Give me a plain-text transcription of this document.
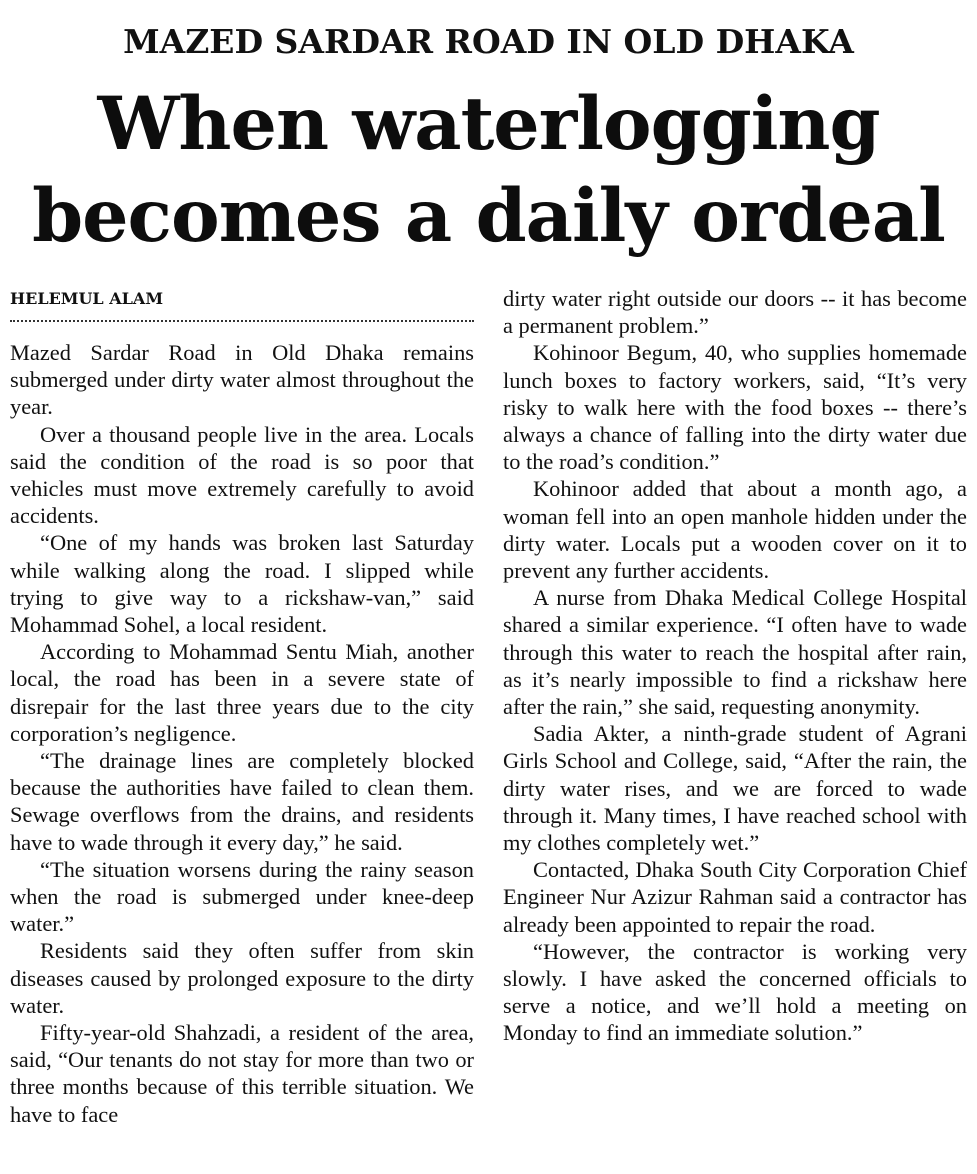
MAZED SARDAR ROAD IN OLD DHAKA
When waterlogging
becomes a daily ordeal
HELEMUL ALAM

Mazed Sardar Road in Old Dhaka remains submerged under dirty water almost throughout the year.

Over a thousand people live in the area. Locals said the condition of the road is so poor that vehicles must move extremely carefully to avoid accidents.

“One of my hands was broken last Saturday while walking along the road. I slipped while trying to give way to a rickshaw-van,” said Mohammad Sohel, a local resident.

According to Mohammad Sentu Miah, another local, the road has been in a severe state of disrepair for the last three years due to the city corporation’s negligence.

“The drainage lines are completely blocked because the authorities have failed to clean them. Sewage overflows from the drains, and residents have to wade through it every day,” he said.

“The situation worsens during the rainy season when the road is submerged under knee-deep water.”

Residents said they often suffer from skin diseases caused by prolonged exposure to the dirty water.

Fifty-year-old Shahzadi, a resident of the area, said, “Our tenants do not stay for more than two or three months because of this terrible situation. We have to face

dirty water right outside our doors -- it has become a permanent problem.”

Kohinoor Begum, 40, who supplies homemade lunch boxes to factory workers, said, “It’s very risky to walk here with the food boxes -- there’s always a chance of falling into the dirty water due to the road’s condition.”

Kohinoor added that about a month ago, a woman fell into an open manhole hidden under the dirty water. Locals put a wooden cover on it to prevent any further accidents.

A nurse from Dhaka Medical College Hospital shared a similar experience. “I often have to wade through this water to reach the hospital after rain, as it’s nearly impossible to find a rickshaw here after the rain,” she said, requesting anonymity.

Sadia Akter, a ninth-grade student of Agrani Girls School and College, said, “After the rain, the dirty water rises, and we are forced to wade through it. Many times, I have reached school with my clothes completely wet.”

Contacted, Dhaka South City Corporation Chief Engineer Nur Azizur Rahman said a contractor has already been appointed to repair the road.

“However, the contractor is working very slowly. I have asked the concerned officials to serve a notice, and we’ll hold a meeting on Monday to find an immediate solution.”
